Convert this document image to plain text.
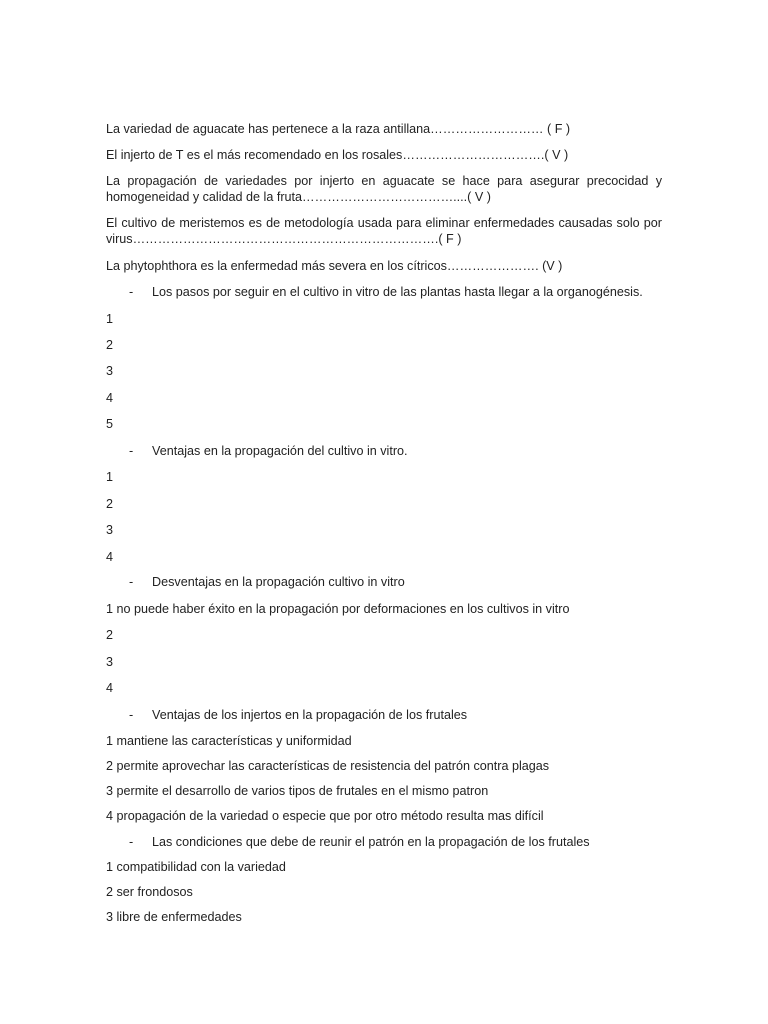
La variedad de aguacate has pertenece a la raza antillana……………………… ( F )
El injerto de T es el más recomendado en los rosales…………………………….( V )
La propagación de variedades por injerto en aguacate se hace para asegurar precocidad y homogeneidad y calidad de la fruta………………………………....( V )
El cultivo de meristemos es de metodología usada para eliminar enfermedades causadas solo por virus……………………………………………………………….( F )
La phytophthora es la enfermedad más severa en los cítricos…………………. (V )
- Los pasos por seguir en el cultivo in vitro de las plantas hasta llegar a la organogénesis.
1
2
3
4
5
- Ventajas en la propagación del cultivo in vitro.
1
2
3
4
- Desventajas en la propagación cultivo in vitro
1 no puede haber éxito en la propagación por deformaciones en los cultivos in vitro
2
3
4
- Ventajas de los injertos en la propagación de los frutales
1 mantiene las características y uniformidad
2 permite aprovechar las características de resistencia del patrón contra plagas
3 permite el desarrollo de varios tipos de frutales en el mismo patron
4 propagación de la variedad o especie que por otro método resulta mas difícil
- Las condiciones que debe de reunir el patrón en la propagación de los frutales
1 compatibilidad con la variedad
2 ser frondosos
3 libre de enfermedades
